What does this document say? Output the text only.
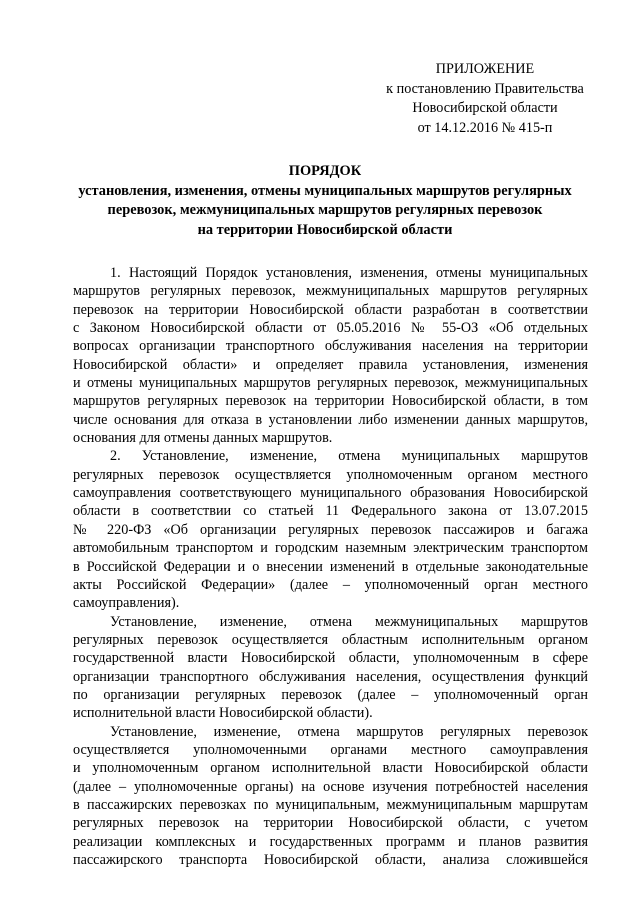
ПРИЛОЖЕНИЕ
к постановлению Правительства
Новосибирской области
от 14.12.2016 № 415-п
ПОРЯДОК
установления, изменения, отмены муниципальных маршрутов регулярных
перевозок, межмуниципальных маршрутов регулярных перевозок
на территории Новосибирской области

1. Настоящий Порядок установления, изменения, отмены муниципальных
маршрутов регулярных перевозок, межмуниципальных маршрутов регулярных
перевозок на территории Новосибирской области разработан в соответствии
с Законом Новосибирской области от 05.05.2016 № 55-ОЗ «Об отдельных
вопросах организации транспортного обслуживания населения на территории
Новосибирской области» и определяет правила установления, изменения
и отмены муниципальных маршрутов регулярных перевозок, межмуниципальных
маршрутов регулярных перевозок на территории Новосибирской области, в том
числе основания для отказа в установлении либо изменении данных маршрутов,
основания для отмены данных маршрутов.

2. Установление, изменение, отмена муниципальных маршрутов
регулярных перевозок осуществляется уполномоченным органом местного
самоуправления соответствующего муниципального образования Новосибирской
области в соответствии со статьей 11 Федерального закона от 13.07.2015
№ 220-ФЗ «Об организации регулярных перевозок пассажиров и багажа
автомобильным транспортом и городским наземным электрическим транспортом
в Российской Федерации и о внесении изменений в отдельные законодательные
акты Российской Федерации» (далее – уполномоченный орган местного
самоуправления).

Установление, изменение, отмена межмуниципальных маршрутов
регулярных перевозок осуществляется областным исполнительным органом
государственной власти Новосибирской области, уполномоченным в сфере
организации транспортного обслуживания населения, осуществления функций
по организации регулярных перевозок (далее – уполномоченный орган
исполнительной власти Новосибирской области).

Установление, изменение, отмена маршрутов регулярных перевозок
осуществляется уполномоченными органами местного самоуправления
и уполномоченным органом исполнительной власти Новосибирской области
(далее – уполномоченные органы) на основе изучения потребностей населения
в пассажирских перевозках по муниципальным, межмуниципальным маршрутам
регулярных перевозок на территории Новосибирской области, с учетом
реализации комплексных и государственных программ и планов развития
пассажирского транспорта Новосибирской области, анализа сложившейся
